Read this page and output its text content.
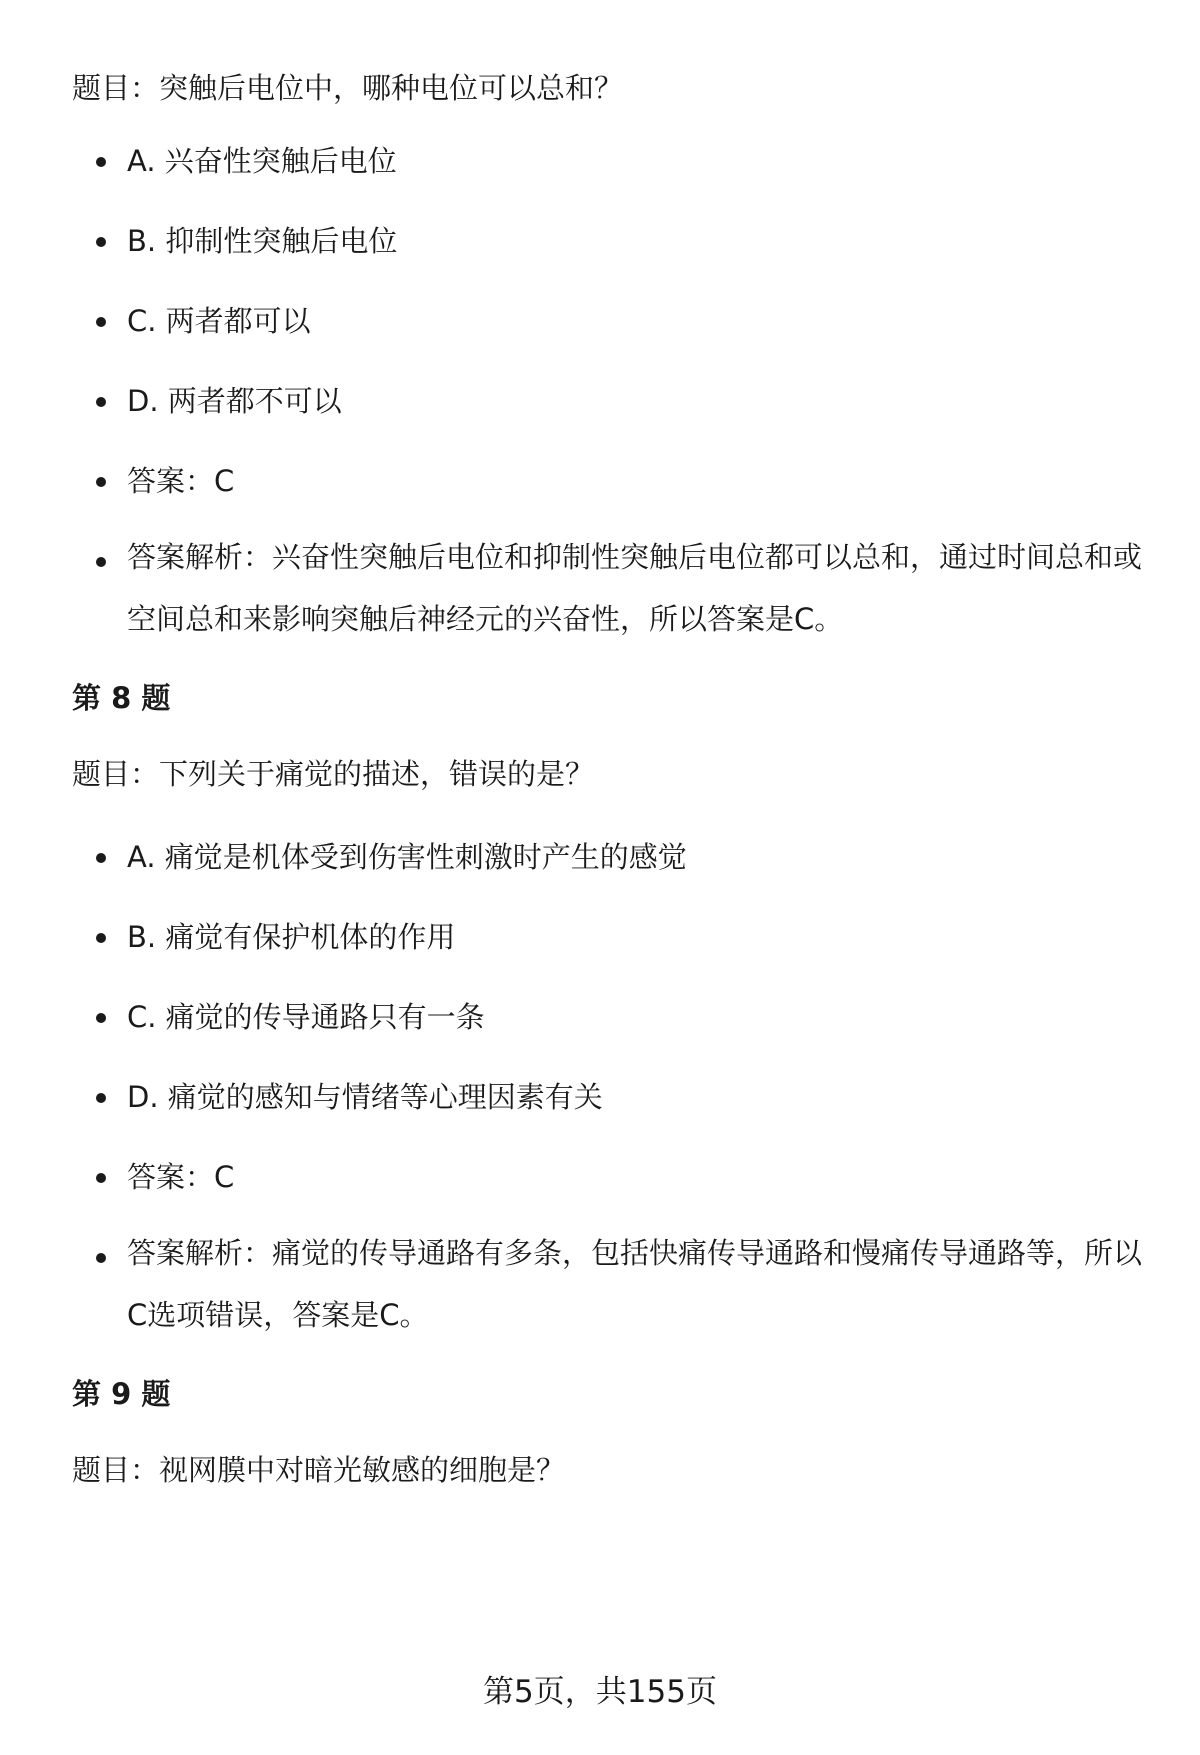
题目：突触后电位中，哪种电位可以总和？
A. 兴奋性突触后电位
B. 抑制性突触后电位
C. 两者都可以
D. 两者都不可以
答案：C
答案解析：兴奋性突触后电位和抑制性突触后电位都可以总和，通过时间总和或空间总和来影响突触后神经元的兴奋性，所以答案是C。
第 8 题
题目：下列关于痛觉的描述，错误的是？
A. 痛觉是机体受到伤害性刺激时产生的感觉
B. 痛觉有保护机体的作用
C. 痛觉的传导通路只有一条
D. 痛觉的感知与情绪等心理因素有关
答案：C
答案解析：痛觉的传导通路有多条，包括快痛传导通路和慢痛传导通路等，所以C选项错误，答案是C。
第 9 题
题目：视网膜中对暗光敏感的细胞是？
第5页，共155页
